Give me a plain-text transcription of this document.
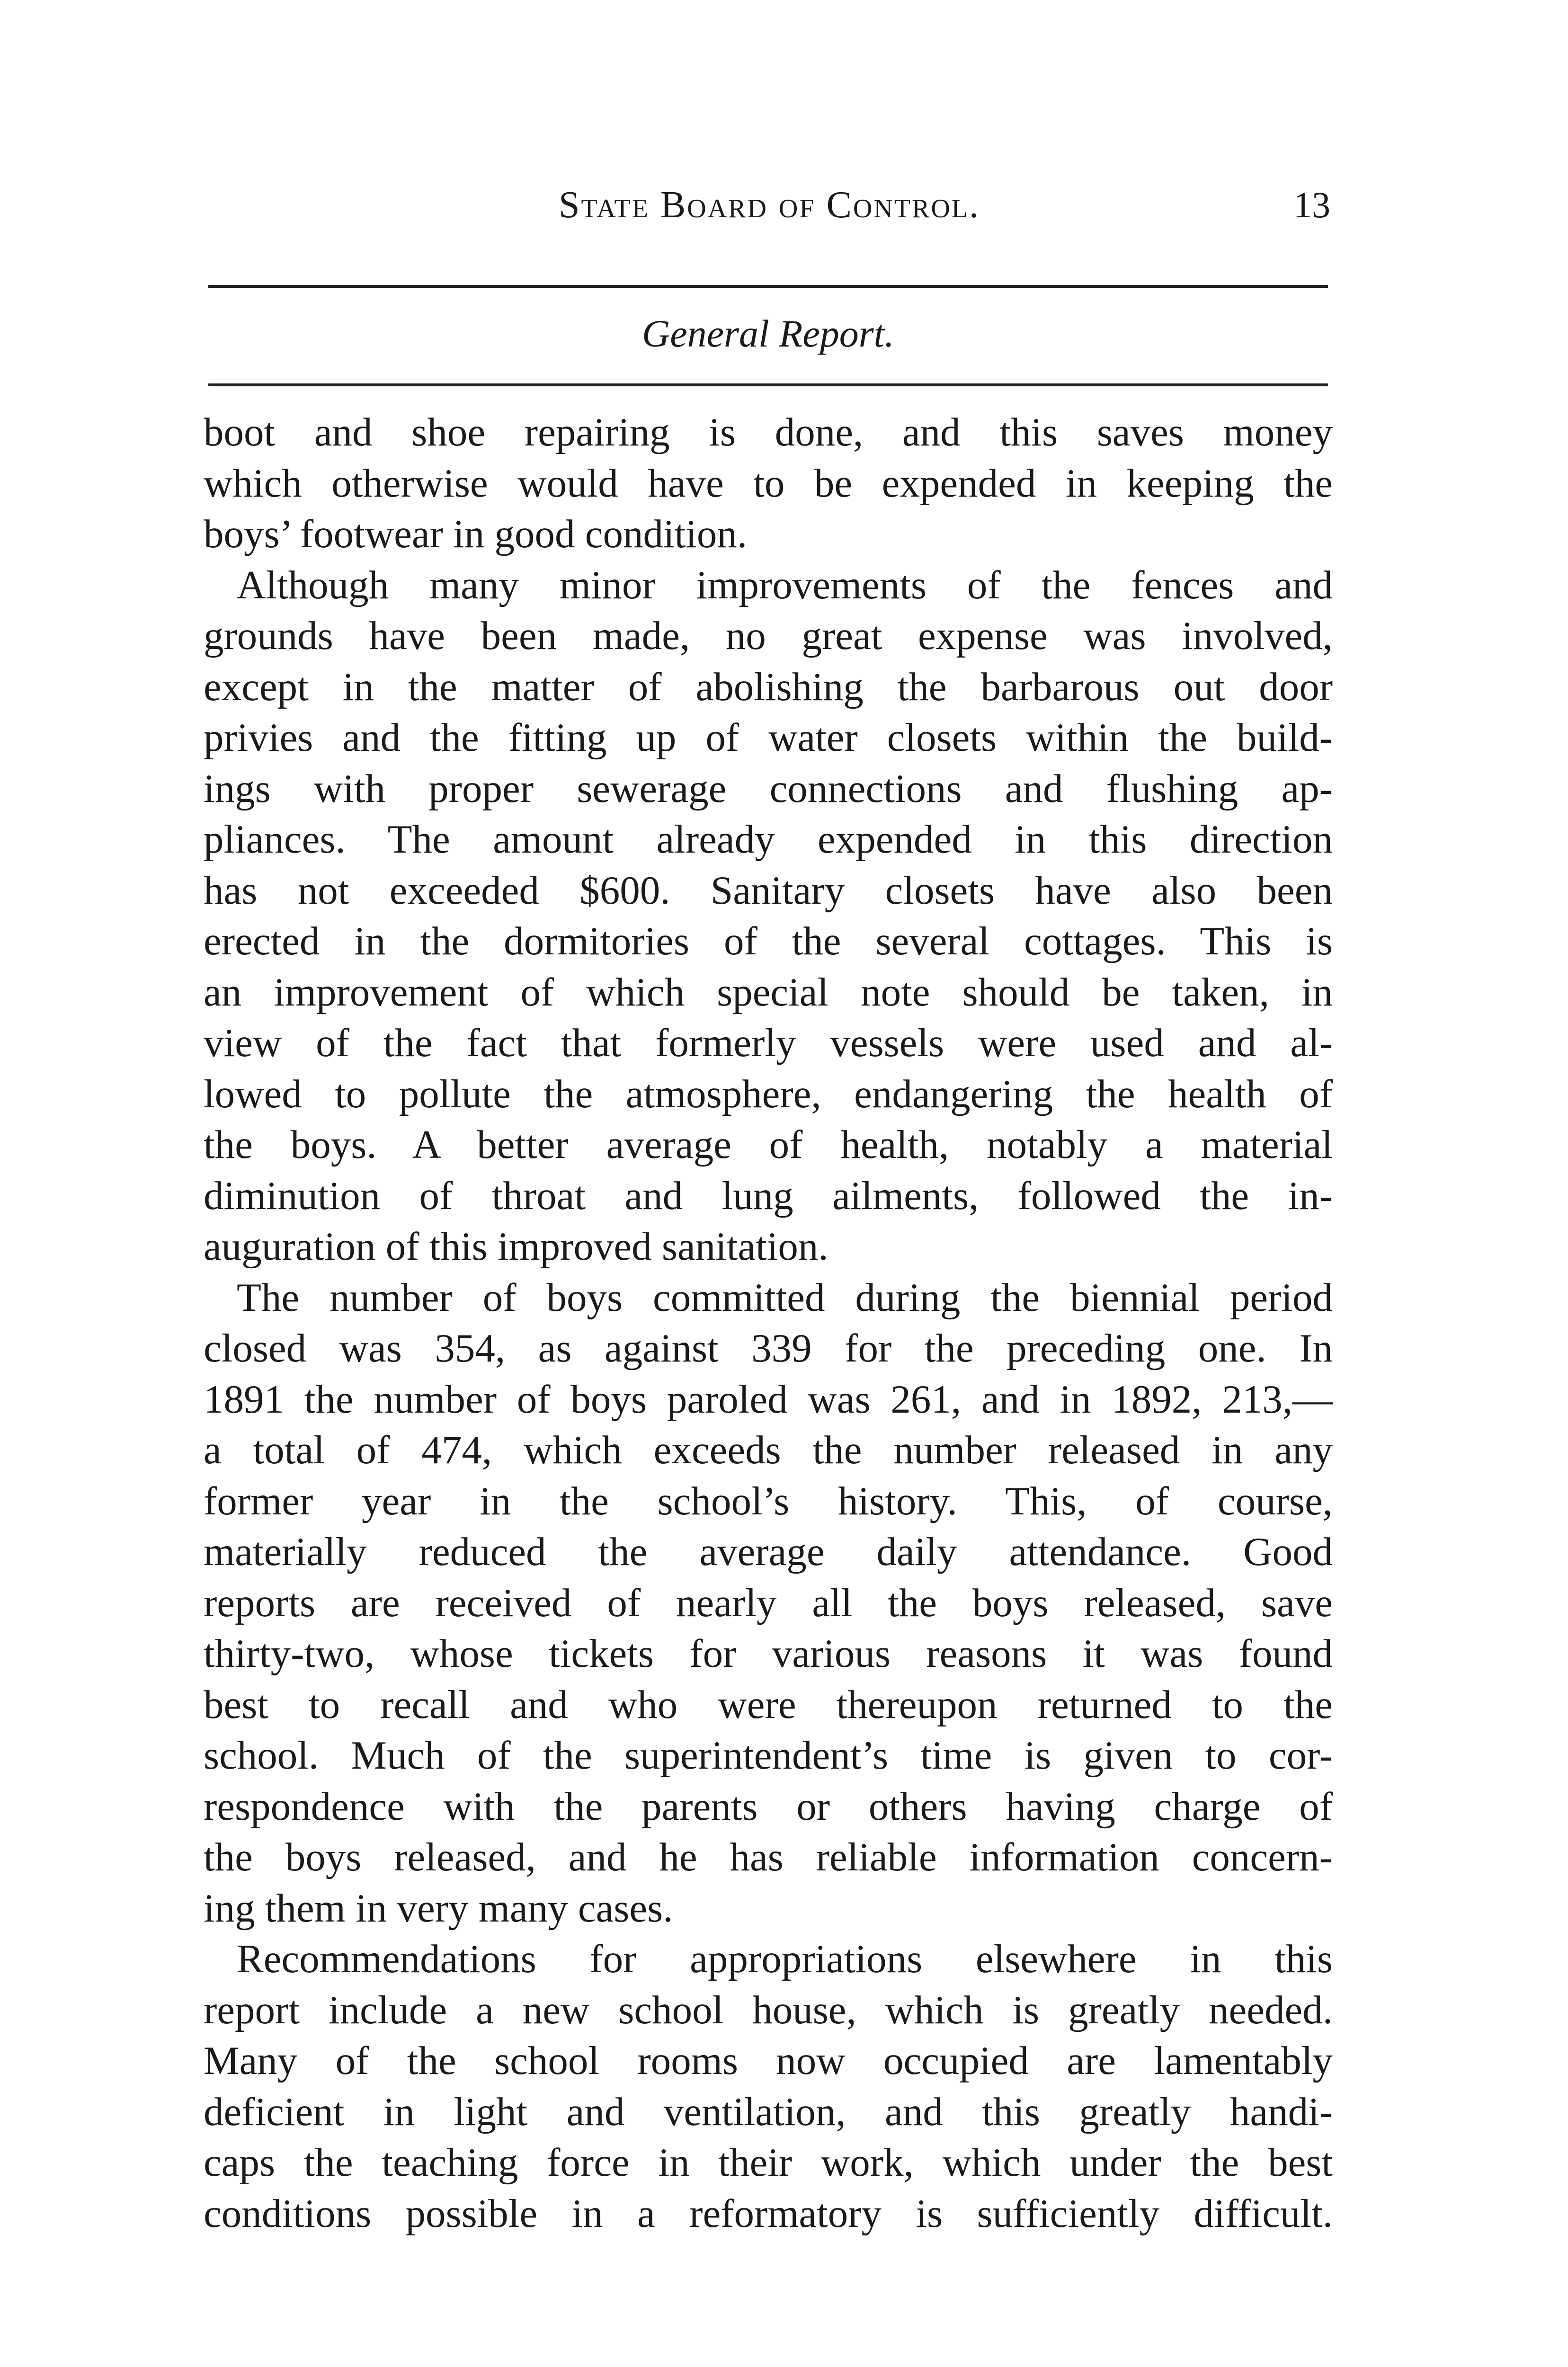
State Board of Control.	13
General Report.
boot and shoe repairing is done, and this saves money
which otherwise would have to be expended in keeping the
boys’ footwear in good condition.
Although many minor improvements of the fences and
grounds have been made, no great expense was involved,
except in the matter of abolishing the barbarous out door
privies and the fitting up of water closets within the build-
ings with proper sewerage connections and flushing ap-
pliances. The amount already expended in this direction
has not exceeded $600. Sanitary closets have also been
erected in the dormitories of the several cottages. This is
an improvement of which special note should be taken, in
view of the fact that formerly vessels were used and al-
lowed to pollute the atmosphere, endangering the health of
the boys. A better average of health, notably a material
diminution of throat and lung ailments, followed the in-
auguration of this improved sanitation.
The number of boys committed during the biennial period
closed was 354, as against 339 for the preceding one. In
1891 the number of boys paroled was 261, and in 1892, 213,—
a total of 474, which exceeds the number released in any
former year in the school’s history. This, of course,
materially reduced the average daily attendance. Good
reports are received of nearly all the boys released, save
thirty-two, whose tickets for various reasons it was found
best to recall and who were thereupon returned to the
school. Much of the superintendent’s time is given to cor-
respondence with the parents or others having charge of
the boys released, and he has reliable information concern-
ing them in very many cases.
Recommendations for appropriations elsewhere in this
report include a new school house, which is greatly needed.
Many of the school rooms now occupied are lamentably
deficient in light and ventilation, and this greatly handi-
caps the teaching force in their work, which under the best
conditions possible in a reformatory is sufficiently difficult.
